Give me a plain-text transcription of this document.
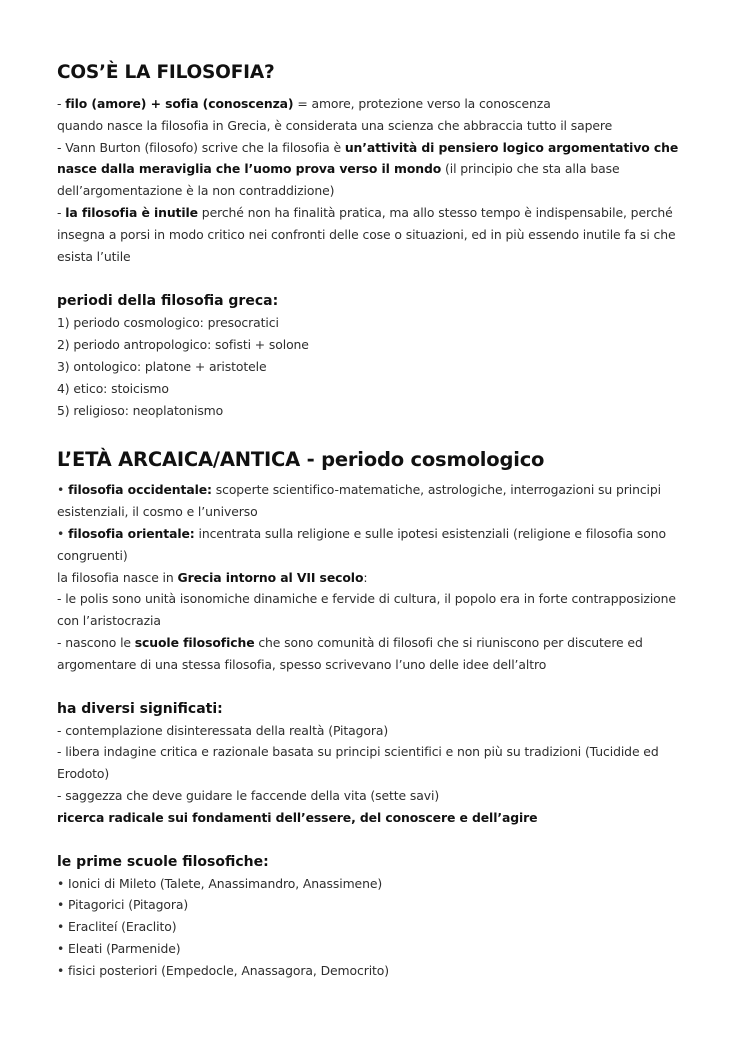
COS’È LA FILOSOFIA?

- filo (amore) + sofia (conoscenza) = amore, protezione verso la conoscenza

quando nasce la filosofia in Grecia, è considerata una scienza che abbraccia tutto il sapere

- Vann Burton (filosofo) scrive che la filosofia è un’attività di pensiero logico argomentativo che nasce dalla meraviglia che l’uomo prova verso il mondo (il principio che sta alla base dell’argomentazione è la non contraddizione)

- la filosofia è inutile perché non ha finalità pratica, ma allo stesso tempo è indispensabile, perché insegna a porsi in modo critico nei confronti delle cose o situazioni, ed in più essendo inutile fa si che esista l’utile

periodi della filosofia greca:

1) periodo cosmologico: presocratici

2) periodo antropologico: sofisti + solone

3) ontologico: platone + aristotele

4) etico: stoicismo

5) religioso: neoplatonismo

L’ETÀ ARCAICA/ANTICA - periodo cosmologico

• filosofia occidentale: scoperte scientifico-matematiche, astrologiche, interrogazioni su principi esistenziali, il cosmo e l’universo

• filosofia orientale: incentrata sulla religione e sulle ipotesi esistenziali (religione e filosofia sono congruenti)

la filosofia nasce in Grecia intorno al VII secolo:

- le polis sono unità isonomiche dinamiche e fervide di cultura, il popolo era in forte contrapposizione con l’aristocrazia

- nascono le scuole filosofiche che sono comunità di filosofi che si riuniscono per discutere ed argomentare di una stessa filosofia, spesso scrivevano l’uno delle idee dell’altro

ha diversi significati:

- contemplazione disinteressata della realtà (Pitagora)

- libera indagine critica e razionale basata su principi scientifici e non più su tradizioni (Tucidide ed Erodoto)

- saggezza che deve guidare le faccende della vita (sette savi)

ricerca radicale sui fondamenti dell’essere, del conoscere e dell’agire

le prime scuole filosofiche:

• Ionici di Mileto (Talete, Anassimandro, Anassimene)

• Pitagorici (Pitagora)

• Eracliteí (Eraclito)

• Eleati (Parmenide)

• fisici posteriori (Empedocle, Anassagora, Democrito)
